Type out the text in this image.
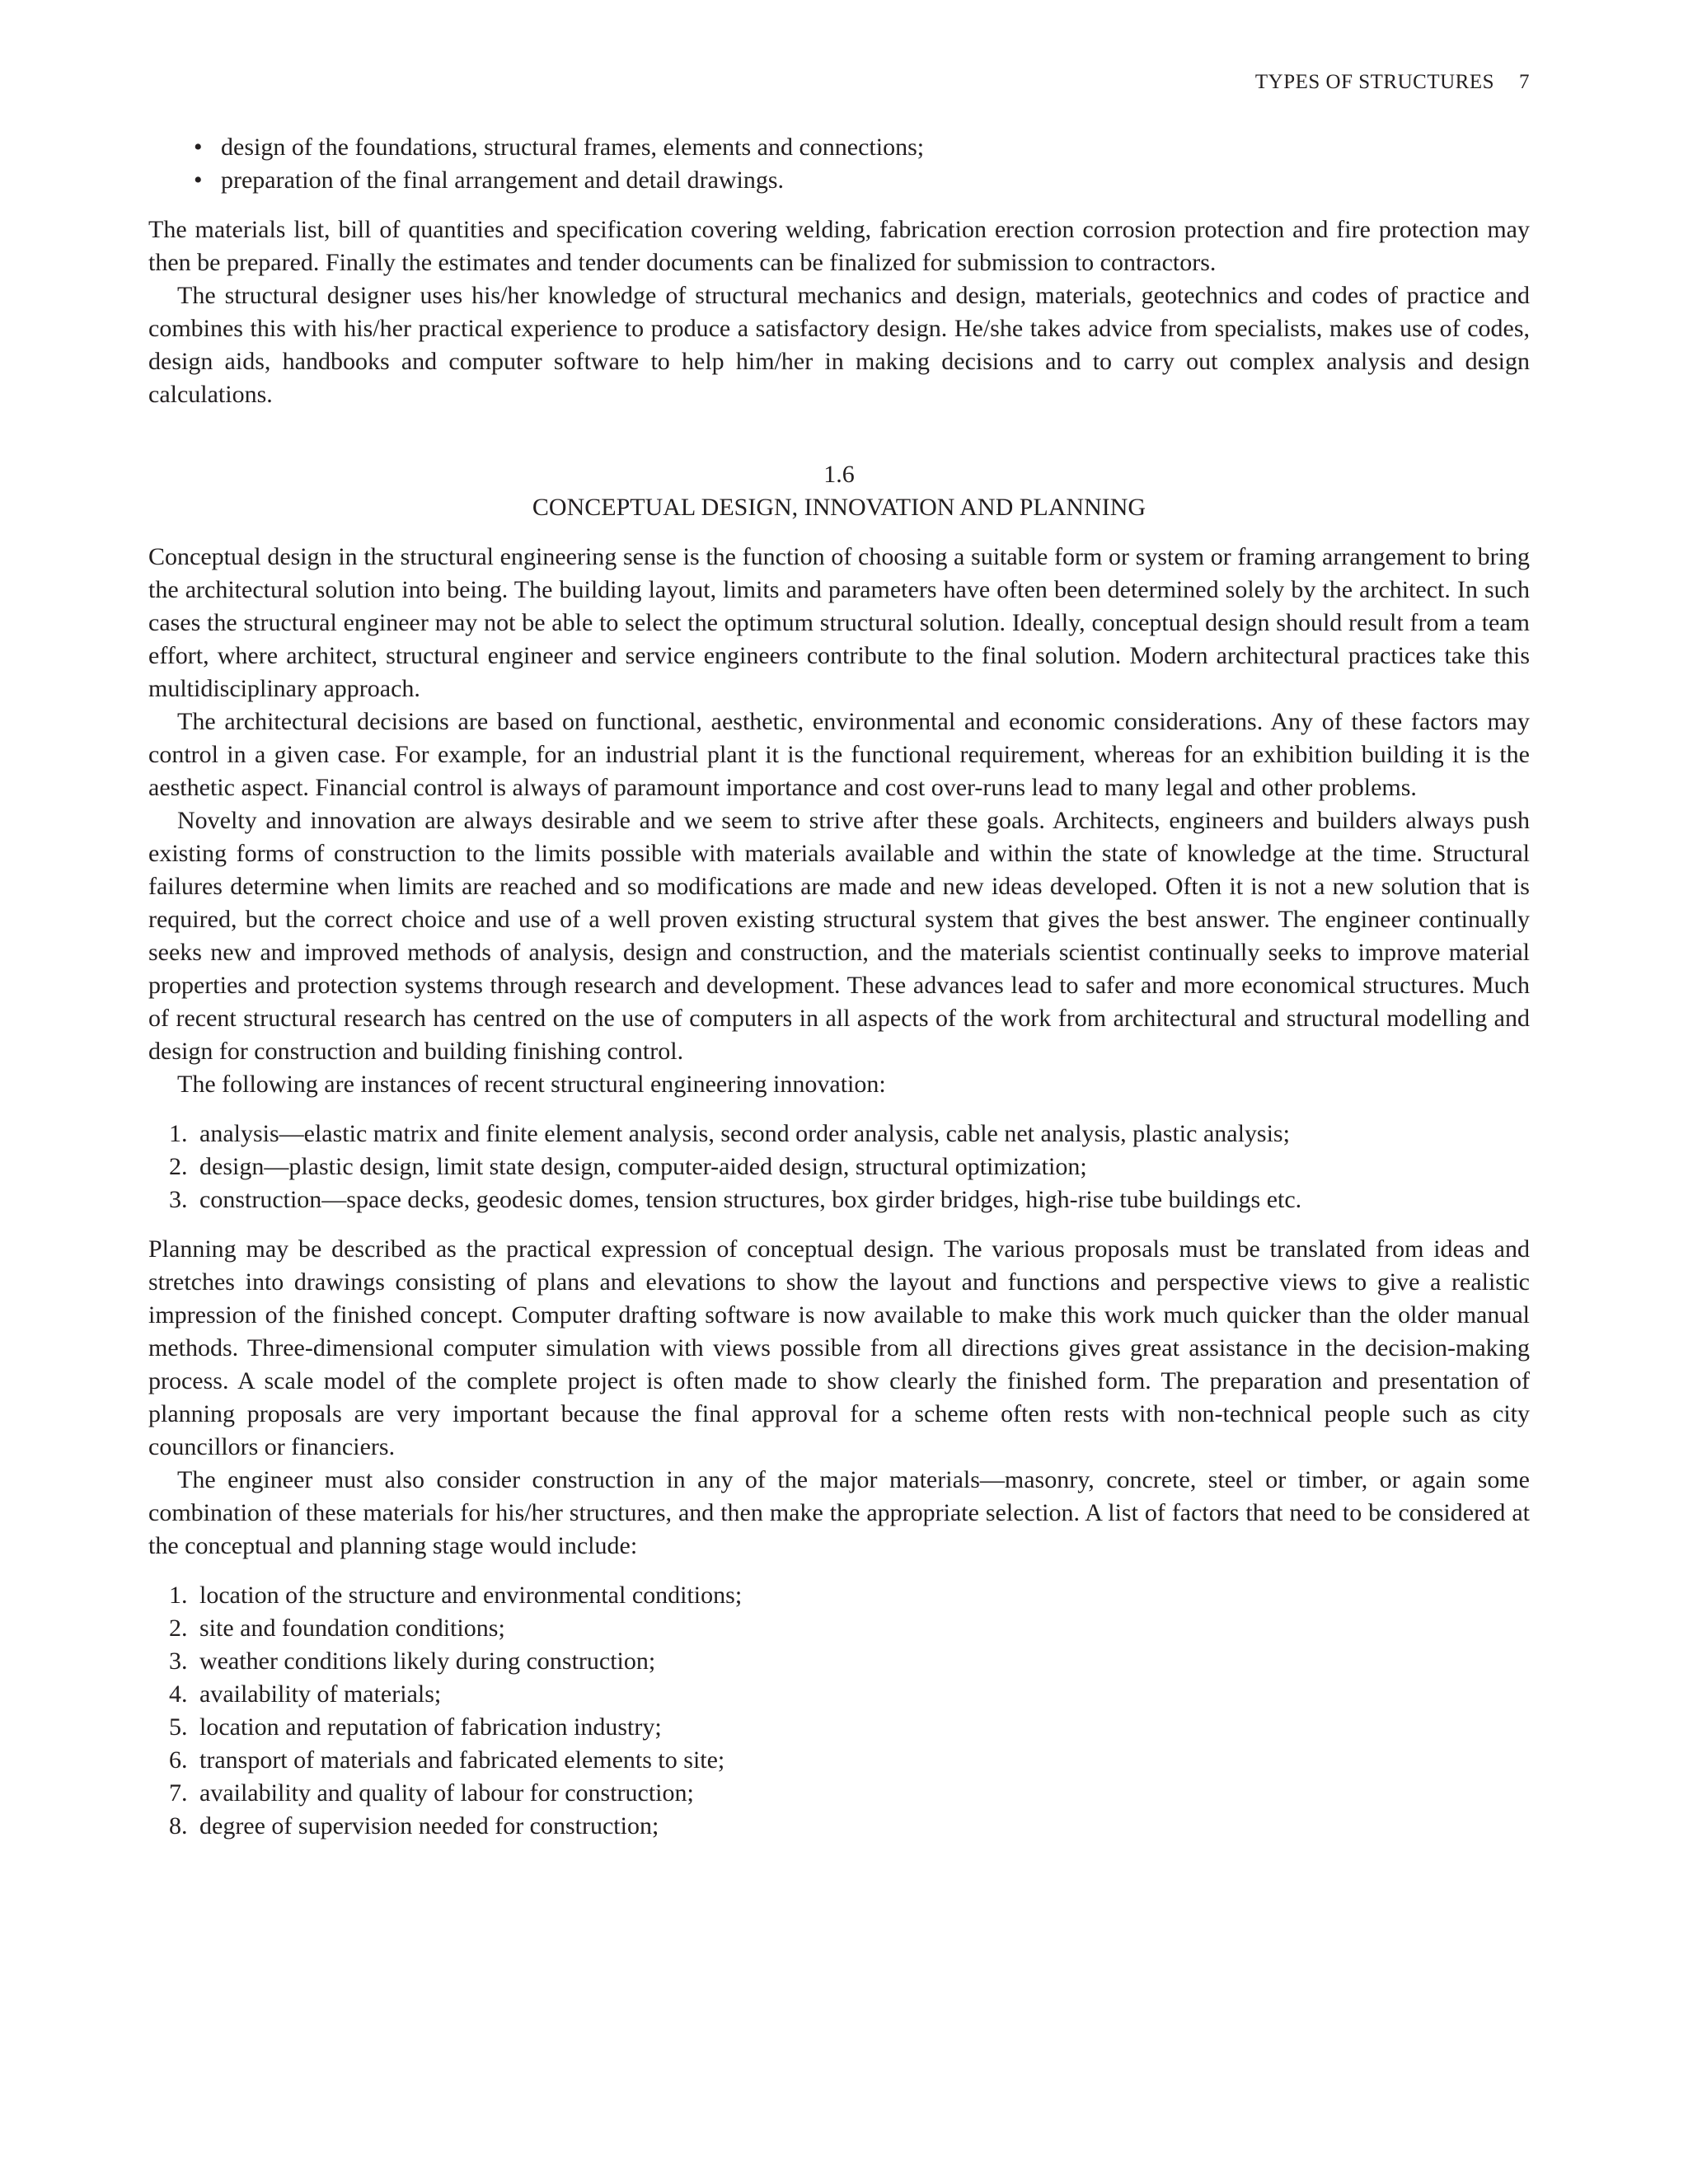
TYPES OF STRUCTURES 7
• design of the foundations, structural frames, elements and connections;
• preparation of the final arrangement and detail drawings.

The materials list, bill of quantities and specification covering welding, fabrication erection corrosion protection and fire protection may then be prepared. Finally the estimates and tender documents can be finalized for submission to contractors.

The structural designer uses his/her knowledge of structural mechanics and design, materials, geotechnics and codes of practice and combines this with his/her practical experience to produce a satisfactory design. He/she takes advice from specialists, makes use of codes, design aids, handbooks and computer software to help him/her in making decisions and to carry out complex analysis and design calculations.

1.6
CONCEPTUAL DESIGN, INNOVATION AND PLANNING

Conceptual design in the structural engineering sense is the function of choosing a suitable form or system or framing arrangement to bring the architectural solution into being. The building layout, limits and parameters have often been determined solely by the architect. In such cases the structural engineer may not be able to select the optimum structural solution. Ideally, conceptual design should result from a team effort, where architect, structural engineer and service engineers contribute to the final solution. Modern architectural practices take this multidisciplinary approach.

The architectural decisions are based on functional, aesthetic, environmental and economic considerations. Any of these factors may control in a given case. For example, for an industrial plant it is the functional requirement, whereas for an exhibition building it is the aesthetic aspect. Financial control is always of paramount importance and cost over-runs lead to many legal and other problems.

Novelty and innovation are always desirable and we seem to strive after these goals. Architects, engineers and builders always push existing forms of construction to the limits possible with materials available and within the state of knowledge at the time. Structural failures determine when limits are reached and so modifications are made and new ideas developed. Often it is not a new solution that is required, but the correct choice and use of a well proven existing structural system that gives the best answer. The engineer continually seeks new and improved methods of analysis, design and construction, and the materials scientist continually seeks to improve material properties and protection systems through research and development. These advances lead to safer and more economical structures. Much of recent structural research has centred on the use of computers in all aspects of the work from architectural and structural modelling and design for construction and building finishing control.

The following are instances of recent structural engineering innovation:

1. analysis—elastic matrix and finite element analysis, second order analysis, cable net analysis, plastic analysis;
2. design—plastic design, limit state design, computer-aided design, structural optimization;
3. construction—space decks, geodesic domes, tension structures, box girder bridges, high-rise tube buildings etc.

Planning may be described as the practical expression of conceptual design. The various proposals must be translated from ideas and stretches into drawings consisting of plans and elevations to show the layout and functions and perspective views to give a realistic impression of the finished concept. Computer drafting software is now available to make this work much quicker than the older manual methods. Three-dimensional computer simulation with views possible from all directions gives great assistance in the decision-making process. A scale model of the complete project is often made to show clearly the finished form. The preparation and presentation of planning proposals are very important because the final approval for a scheme often rests with non-technical people such as city councillors or financiers.

The engineer must also consider construction in any of the major materials—masonry, concrete, steel or timber, or again some combination of these materials for his/her structures, and then make the appropriate selection. A list of factors that need to be considered at the conceptual and planning stage would include:

1. location of the structure and environmental conditions;
2. site and foundation conditions;
3. weather conditions likely during construction;
4. availability of materials;
5. location and reputation of fabrication industry;
6. transport of materials and fabricated elements to site;
7. availability and quality of labour for construction;
8. degree of supervision needed for construction;
